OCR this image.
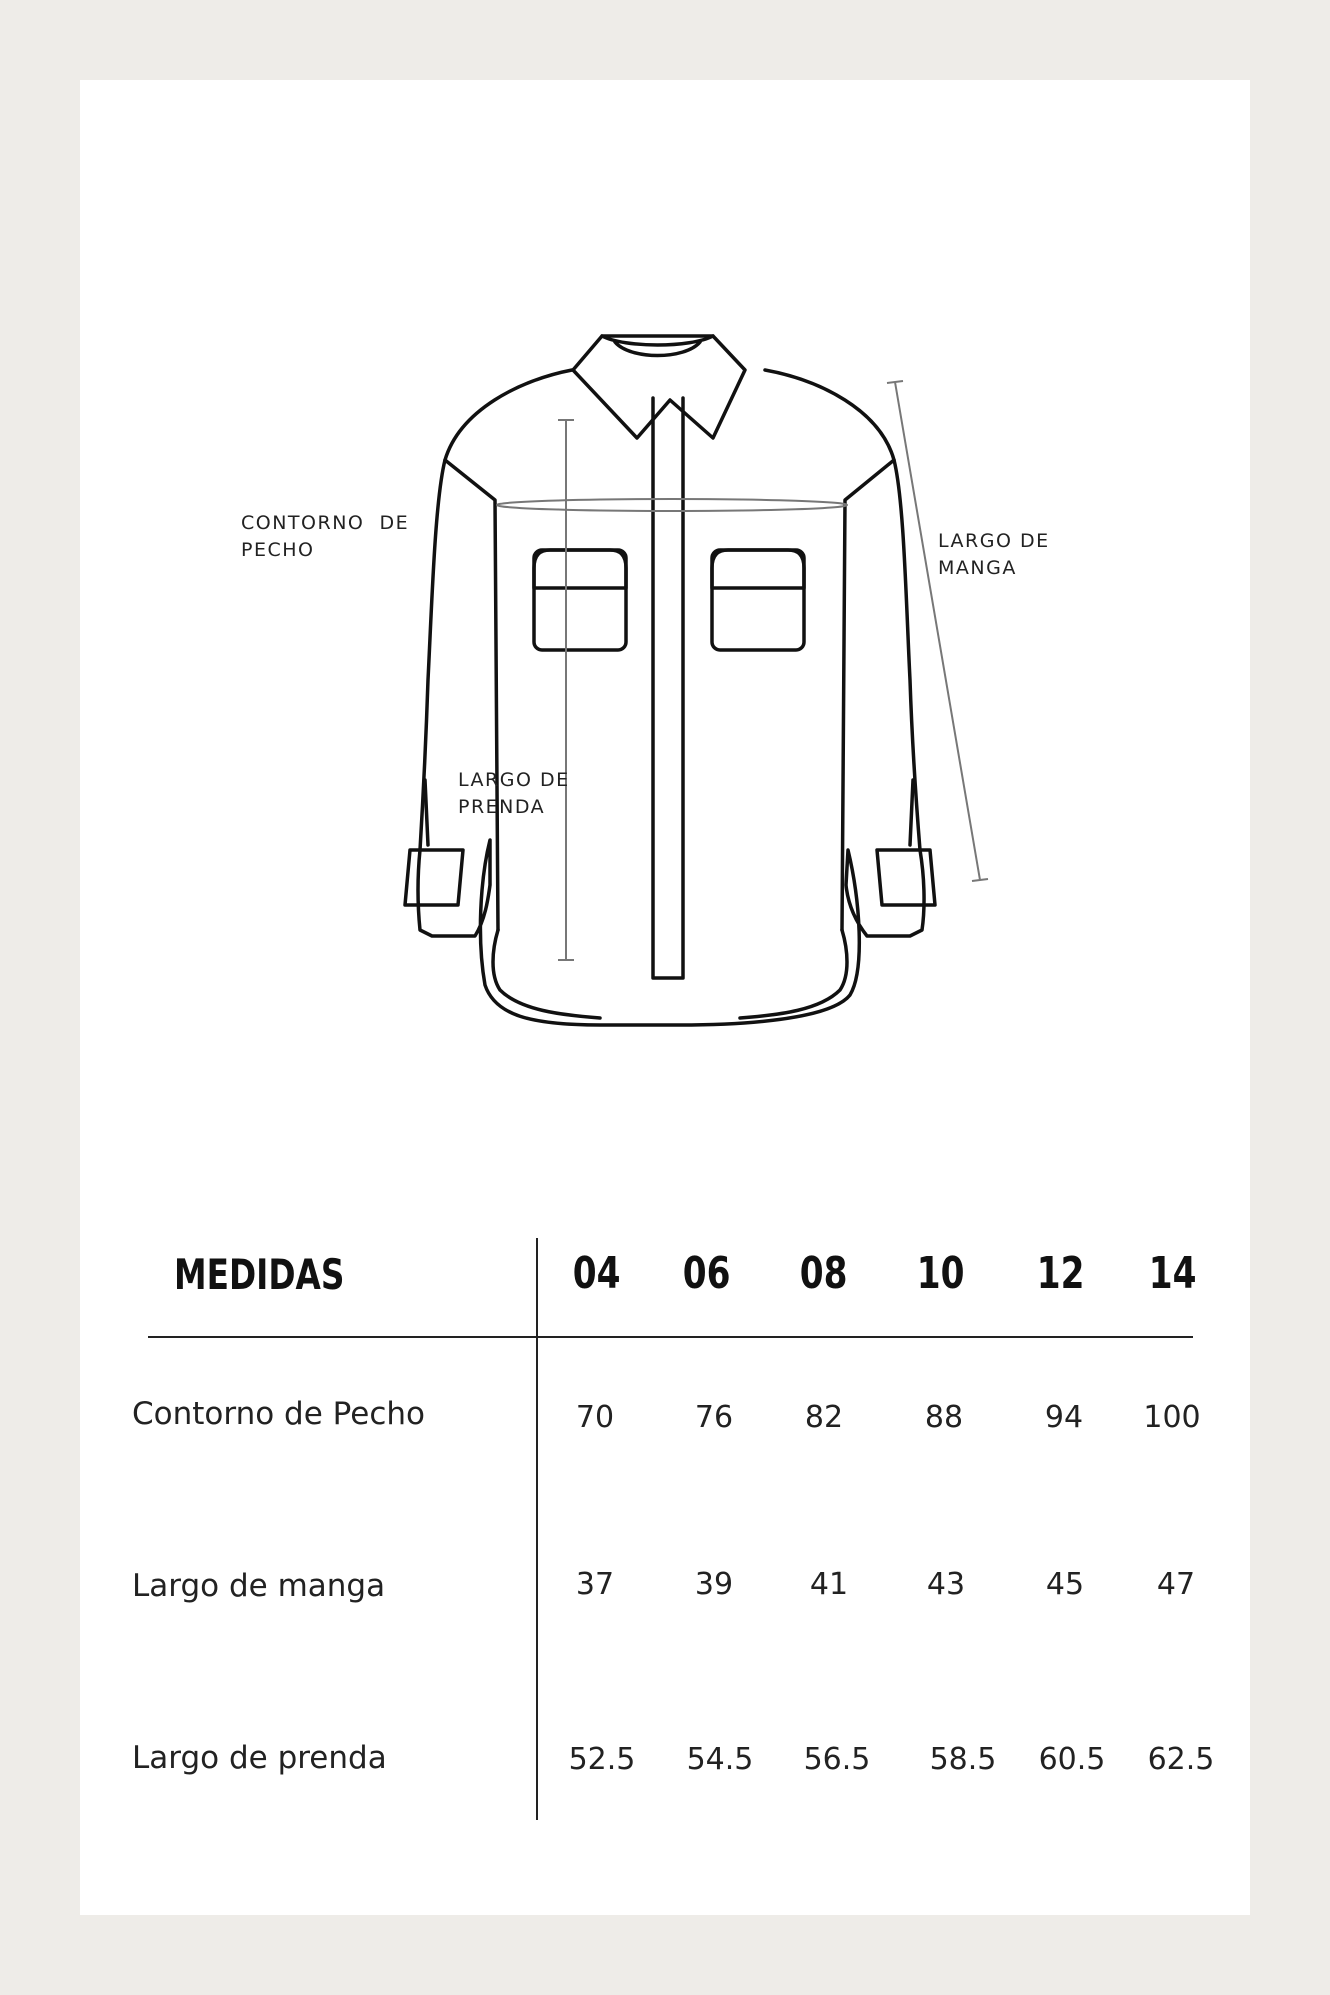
CONTORNO  DE
PECHO	LARGO DE
MANGA
LARGO DE
PRENDA
MEDIDAS	04	06	08	10	12	14
Contorno de Pecho	70	76	82	88	94	100
Largo de manga	37	39	41	43	45	47
Largo de prenda	52.5	54.5	56.5	58.5	60.5	62.5
